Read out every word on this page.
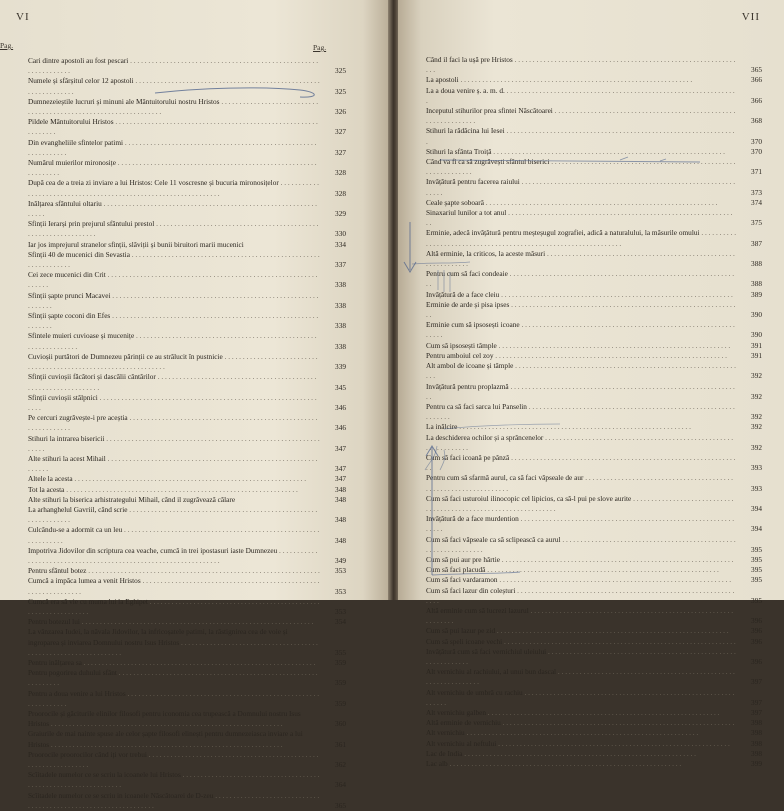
VI
Pag.
Cari dintre apostoli au fost pescari . . .
325
Numele și sfârșitul celor 12 apostoli . . .
325
Dumnezeieștile lucruri și minuni ale Mântuitorului nostru Hristos . . .
326
Pildele Mântuitorului Hristos . . .
327
Din evangheliile sfintelor patimi . . .
327
Numărul muierilor mironosițe . . .
328
După cea de a treia zi inviare a lui Hristos: Cele 11 voscresne și bucuria mironosițelor . . .
328
Inălțarea sfântului oltariu . . .
329
Sfinții Ierarși prin prejurul sfântului prestol . . .
330
Iar jos imprejurul stranelor sfinții, slăviții și bunii biruitori marii mucenici	334
Sfinții 40 de mucenici din Sevastia . . .
337
Cei zece mucenici din Crit . . .
338
Sfinții șapte prunci Macavei . . .
338
Sfinții șapte coconi din Efes . . .
338
Sfintele muieri cuvioase și mucenițe . . .
338
Cuvioșii purtători de Dumnezeu părinții ce au strălucit în pustnicie . . .
339
Sfinții cuvioșii făcători și dascălii cântărilor . . .
345
Sfinții cuvioșii stâlpnici . . .
346
Pe cercuri zugrăvește-i pre aceștia . . .
346
Stihuri la intrarea bisericii . . .
347
Alte stihuri la acest Mihail . . .
347
Altele la acesta . . .	347
Tot la acesta . . .	348
Alte stihuri la biserica arhistrategului Mihail, când il zugrăvează călare	348
La arhanghelul Gavriil, când scrie . . .
348
Culcându-se a adormit ca un leu . . .
348
Impotriva Jidovilor din scriptura cea veache, cumcă in trei ipostasuri iaste Dumnezeu . . .
349
Pentru sfântul botez . . .	353
Cumcă a impăca lumea a venit Hristos . . .
353
Cumcă era să vie cu muma lui la Eghipet . . .
353
Pentru botezul lui . . .	354
La vânzarea Iudei, la năvala Jidovilor, la infricoșatele patimi, la răstignirea cea de voie și ingroparea și inviarea Domnului nostru Isus Hristos . . .
355
Pentru inălțarea sa . . .	359
Pentru pogorirea duhului sfânt . . .
359
Pentru a doua venire a lui Hristos . . .
359
Proorocile și găciturile elinilor filosofi pentru iconomia cea trupească a Domnului nostru Isus Hristos . . .	360
Graiurile de mai nainte spuse ale celor șapte filosofi elinești pentru dumnezeiasca inviare a lui Hristos . . .	361
Proorocile proorocilor când iți vor trebui . . .
362
Scîitadele numelor ce se scriu la icoanele lui Hristos . . .
364
Scîitadele numelor ce se scriu in icoanele Născătoarei de D-zeu . . .
365
VII
Când il faci la ușă pre Hristos . . .
365
La apostoli . . .	366
La a doua venire ș. a. m. d. . . .
366
Inceputul stihurilor preа sfintei Născătoarei . . .
368
Stihuri la rădăcina lui Iesei . . .
370
Stihuri la sfânta Troiță . . .	370
Când va fi ca să zugrăvești sfântul biserici . . .
371
Invățătură pentru facerea raiului . . .
373
Ceale șapte soboară . . .	374
Sinaxariul lunilor a tot anul . . .
375
Erminie, adecă invățătură pentru meșteșugul zografiei, adică a naturalului, la măsurile omului . . .
387
Altă erminie, la criticos, la aceste măsuri . . .
388
Pentru cum să faci condeaie . . .
388
Invățătură de a face cleiu . . .	389
Erminie de arde și pisa ipses . . .
390
Erminie cum să ipsosești icoane . . .
390
Cum să ipsosești tâmple . . .	391
Pentru amboiul cel zoy . . .	391
Alt ambol de icoane și tâmple . . .
392
Invățătură pentru proplazmă . . .
392
Pentru ca să faci sarca lui Panselin . . .
392
La inălcire . . .	392
La deschiderea ochilor și a sprâncenelor . . .
392
Cum să faci icoană pe pânză . . .
393
Pentru cum să sfarmă aurul, ca să faci vâpseale de aur . . .
393
Cum să faci usturoiul ilinocopic cel lipicios, ca să-l pui pe slove aurite . . .
394
Invățătură de a face murdention . . .
394
Cum să faci vâpseale ca să sclipească ca aurul . . .
395
Cum să pui aur pre hârtie . . .	395
Cum să faci placudă . . .	395
Cum să faci vardaramon . . .	395
Cum să faci lazur din coleșturi . . .
395
Altă erminie cum să lucrezi lazurul . . .
396
Cum să pui lazur pe zid . . .	396
Cum să speli icoane vechi . . .	396
Invățătură cum să faci vernichiul uleiului . . .
396
Alt vernichiu al rachiului, al unui bun dascal . . .
397
Alt vernichiu de umbră cu rachiu . . .
397
Alt vernichiu galben . . .	397
Altă erminie de vernichiu . . .	398
Alt vernichiu . . .	398
Alt vernichiu al neftului . . .	398
Lac de India . . .	398
Lac alb . . .	399
Pag.
